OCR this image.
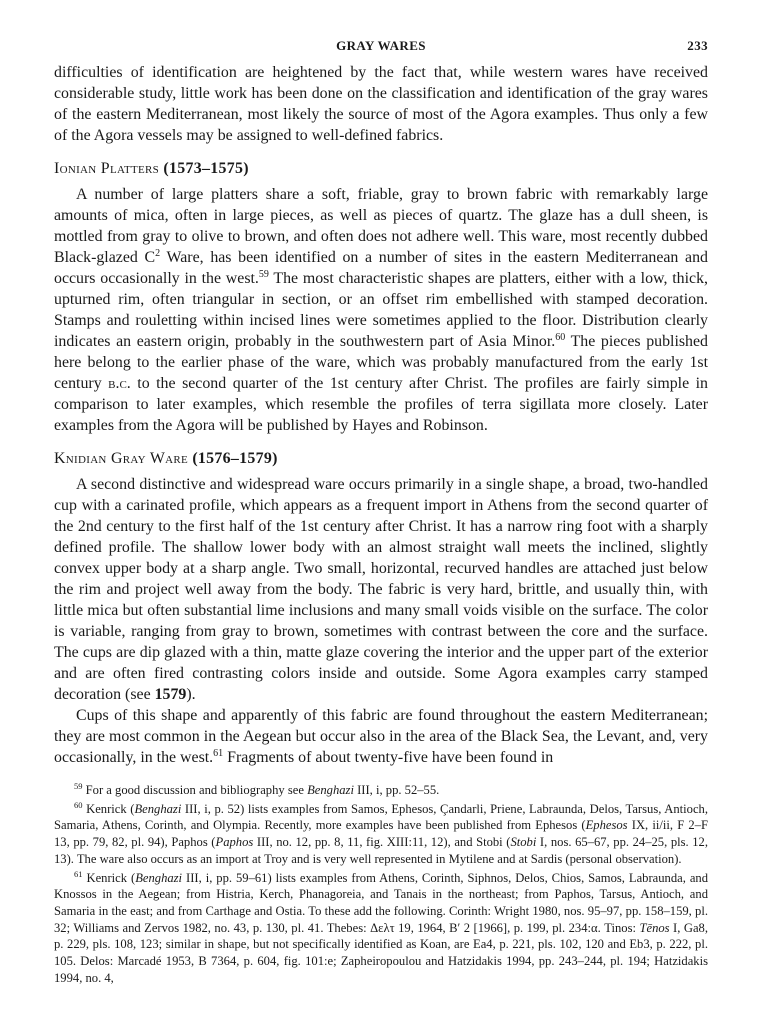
GRAY WARES	233

difficulties of identification are heightened by the fact that, while western wares have received considerable study, little work has been done on the classification and identification of the gray wares of the eastern Mediterranean, most likely the source of most of the Agora examples. Thus only a few of the Agora vessels may be assigned to well-defined fabrics.

Ionian Platters (1573–1575)

A number of large platters share a soft, friable, gray to brown fabric with remarkably large amounts of mica, often in large pieces, as well as pieces of quartz. The glaze has a dull sheen, is mottled from gray to olive to brown, and often does not adhere well. This ware, most recently dubbed Black-glazed $C^2$ Ware, has been identified on a number of sites in the eastern Mediterranean and occurs occasionally in the west.$^{59}$ The most characteristic shapes are platters, either with a low, thick, upturned rim, often triangular in section, or an offset rim embellished with stamped decoration. Stamps and rouletting within incised lines were sometimes applied to the floor. Distribution clearly indicates an eastern origin, probably in the southwestern part of Asia Minor.$^{60}$ The pieces published here belong to the earlier phase of the ware, which was probably manufactured from the early 1st century b.c. to the second quarter of the 1st century after Christ. The profiles are fairly simple in comparison to later examples, which resemble the profiles of terra sigillata more closely. Later examples from the Agora will be published by Hayes and Robinson.

Knidian Gray Ware (1576–1579)

A second distinctive and widespread ware occurs primarily in a single shape, a broad, two-handled cup with a carinated profile, which appears as a frequent import in Athens from the second quarter of the 2nd century to the first half of the 1st century after Christ. It has a narrow ring foot with a sharply defined profile. The shallow lower body with an almost straight wall meets the inclined, slightly convex upper body at a sharp angle. Two small, horizontal, recurved handles are attached just below the rim and project well away from the body. The fabric is very hard, brittle, and usually thin, with little mica but often substantial lime inclusions and many small voids visible on the surface. The color is variable, ranging from gray to brown, sometimes with contrast between the core and the surface. The cups are dip glazed with a thin, matte glaze covering the interior and the upper part of the exterior and are often fired contrasting colors inside and outside. Some Agora examples carry stamped decoration (see 1579).

Cups of this shape and apparently of this fabric are found throughout the eastern Mediterranean; they are most common in the Aegean but occur also in the area of the Black Sea, the Levant, and, very occasionally, in the west.$^{61}$ Fragments of about twenty-five have been found in

$^{59}$ For a good discussion and bibliography see Benghazi III, i, pp. 52–55.

$^{60}$ Kenrick (Benghazi III, i, p. 52) lists examples from Samos, Ephesos, Çandarli, Priene, Labraunda, Delos, Tarsus, Antioch, Samaria, Athens, Corinth, and Olympia. Recently, more examples have been published from Ephesos (Ephesos IX, ii/ii, F 2–F 13, pp. 79, 82, pl. 94), Paphos (Paphos III, no. 12, pp. 8, 11, fig. XIII:11, 12), and Stobi (Stobi I, nos. 65–67, pp. 24–25, pls. 12, 13). The ware also occurs as an import at Troy and is very well represented in Mytilene and at Sardis (personal observation).

$^{61}$ Kenrick (Benghazi III, i, pp. 59–61) lists examples from Athens, Corinth, Siphnos, Delos, Chios, Samos, Labraunda, and Knossos in the Aegean; from Histria, Kerch, Phanagoreia, and Tanais in the northeast; from Paphos, Tarsus, Antioch, and Samaria in the east; and from Carthage and Ostia. To these add the following. Corinth: Wright 1980, nos. 95–97, pp. 158–159, pl. 32; Williams and Zervos 1982, no. 43, p. 130, pl. 41. Thebes: Δελτ 19, 1964, B′ 2 [1966], p. 199, pl. 234:α. Tinos: Tēnos I, Ga8, p. 229, pls. 108, 123; similar in shape, but not specifically identified as Koan, are Ea4, p. 221, pls. 102, 120 and Eb3, p. 222, pl. 105. Delos: Marcadé 1953, B 7364, p. 604, fig. 101:e; Zapheiropoulou and Hatzidakis 1994, pp. 243–244, pl. 194; Hatzidakis 1994, no. 4,
